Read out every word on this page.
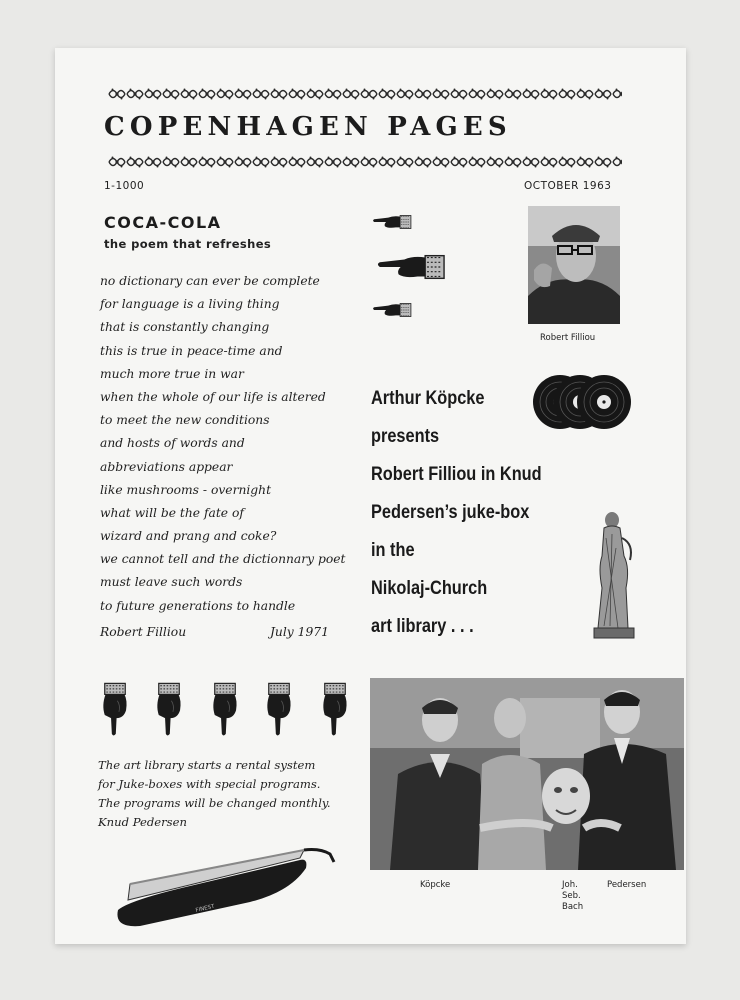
COPENHAGEN PAGES
1-1000	OCTOBER 1963
COCA-COLA
the poem that refreshes
no dictionary can ever be complete
for language is a living thing
that is constantly changing
this is true in peace-time and
much more true in war
when the whole of our life is altered
to meet the new conditions
and hosts of words and
abbreviations appear
like mushrooms - overnight
what will be the fate of
wizard and prang and coke?
we cannot tell and the dictionnary poet
must leave such words
to future generations to handle
Robert Filliou	July 1971
Robert Filliou
Arthur Köpcke
presents
Robert Filliou in Knud
Pedersen’s juke-box
in the
Nikolaj-Church
art library . . .
The art library starts a rental system
for Juke-boxes with special programs.
The programs will be changed monthly.
Knud Pedersen
FINEST
Köpcke	Joh.
Seb.
Bach
Pedersen
